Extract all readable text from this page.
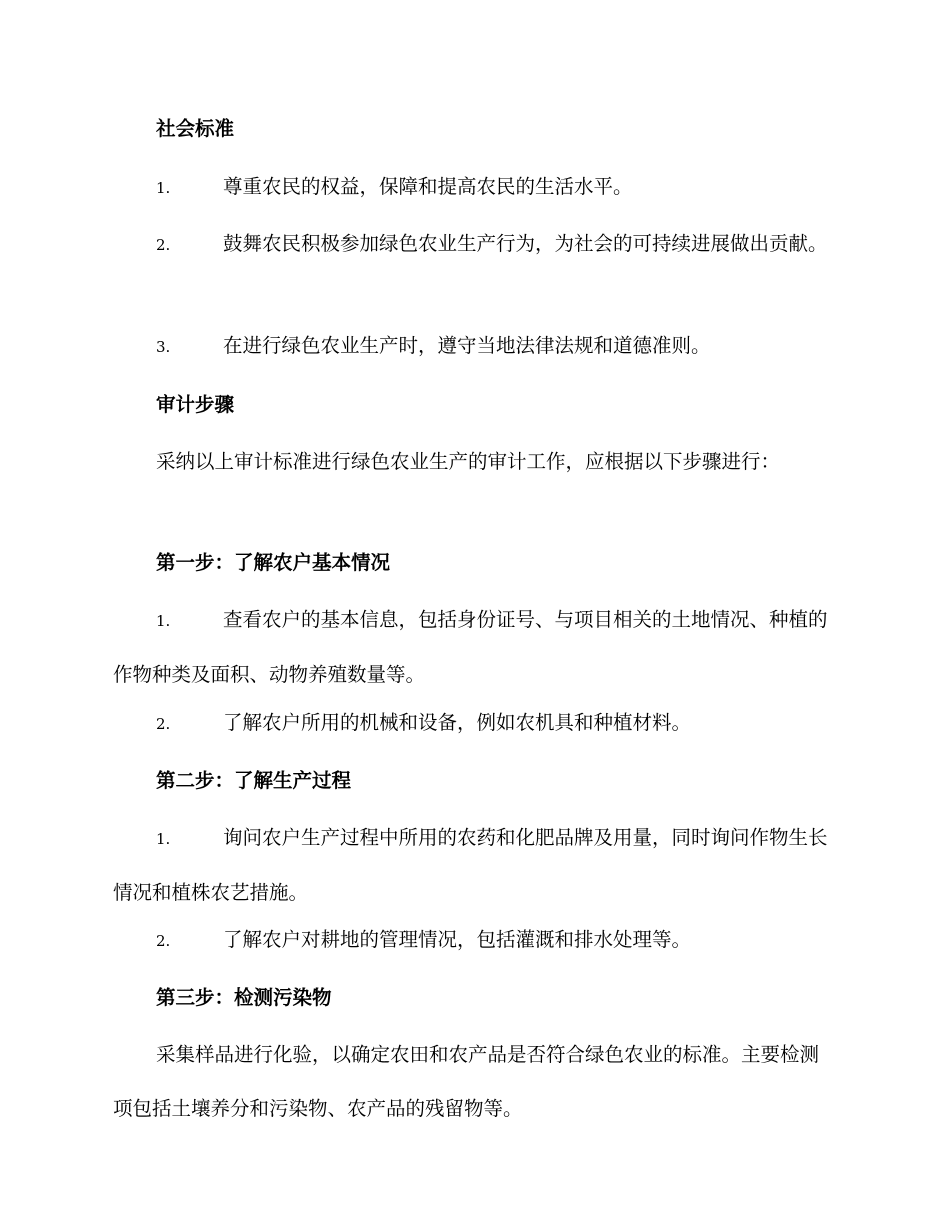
社会标准
1.	尊重农民的权益，保障和提高农民的生活水平。
2.	鼓舞农民积极参加绿色农业生产行为，为社会的可持续进展做出贡献。
3.	在进行绿色农业生产时，遵守当地法律法规和道德准则。
审计步骤
采纳以上审计标准进行绿色农业生产的审计工作，应根据以下步骤进行：
第一步：了解农户基本情况
1.	查看农户的基本信息，包括身份证号、与项目相关的土地情况、种植的作物种类及面积、动物养殖数量等。
2.	了解农户所用的机械和设备，例如农机具和种植材料。
第二步：了解生产过程
1.	询问农户生产过程中所用的农药和化肥品牌及用量，同时询问作物生长情况和植株农艺措施。
2.	了解农户对耕地的管理情况，包括灌溉和排水处理等。
第三步：检测污染物
采集样品进行化验，以确定农田和农产品是否符合绿色农业的标准。主要检测项包括土壤养分和污染物、农产品的残留物等。
